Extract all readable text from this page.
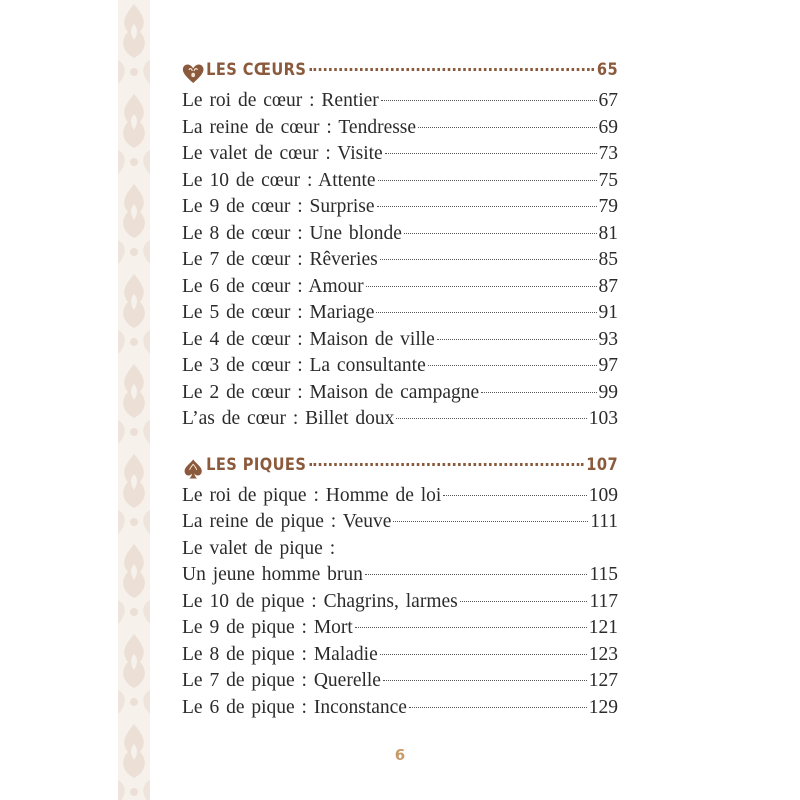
LES CŒURS	65
Le roi de cœur : Rentier	67
La reine de cœur : Tendresse	69
Le valet de cœur : Visite	73
Le 10 de cœur : Attente	75
Le 9 de cœur : Surprise	79
Le 8 de cœur : Une blonde	81
Le 7 de cœur : Rêveries	85
Le 6 de cœur : Amour	87
Le 5 de cœur : Mariage	91
Le 4 de cœur : Maison de ville	93
Le 3 de cœur : La consultante	97
Le 2 de cœur : Maison de campagne	99
L’as de cœur : Billet doux	103
LES PIQUES	107
Le roi de pique : Homme de loi	109
La reine de pique : Veuve	111
Le valet de pique :
Un jeune homme brun	115
Le 10 de pique : Chagrins, larmes	117
Le 9 de pique : Mort	121
Le 8 de pique : Maladie	123
Le 7 de pique : Querelle	127
Le 6 de pique : Inconstance	129
6
